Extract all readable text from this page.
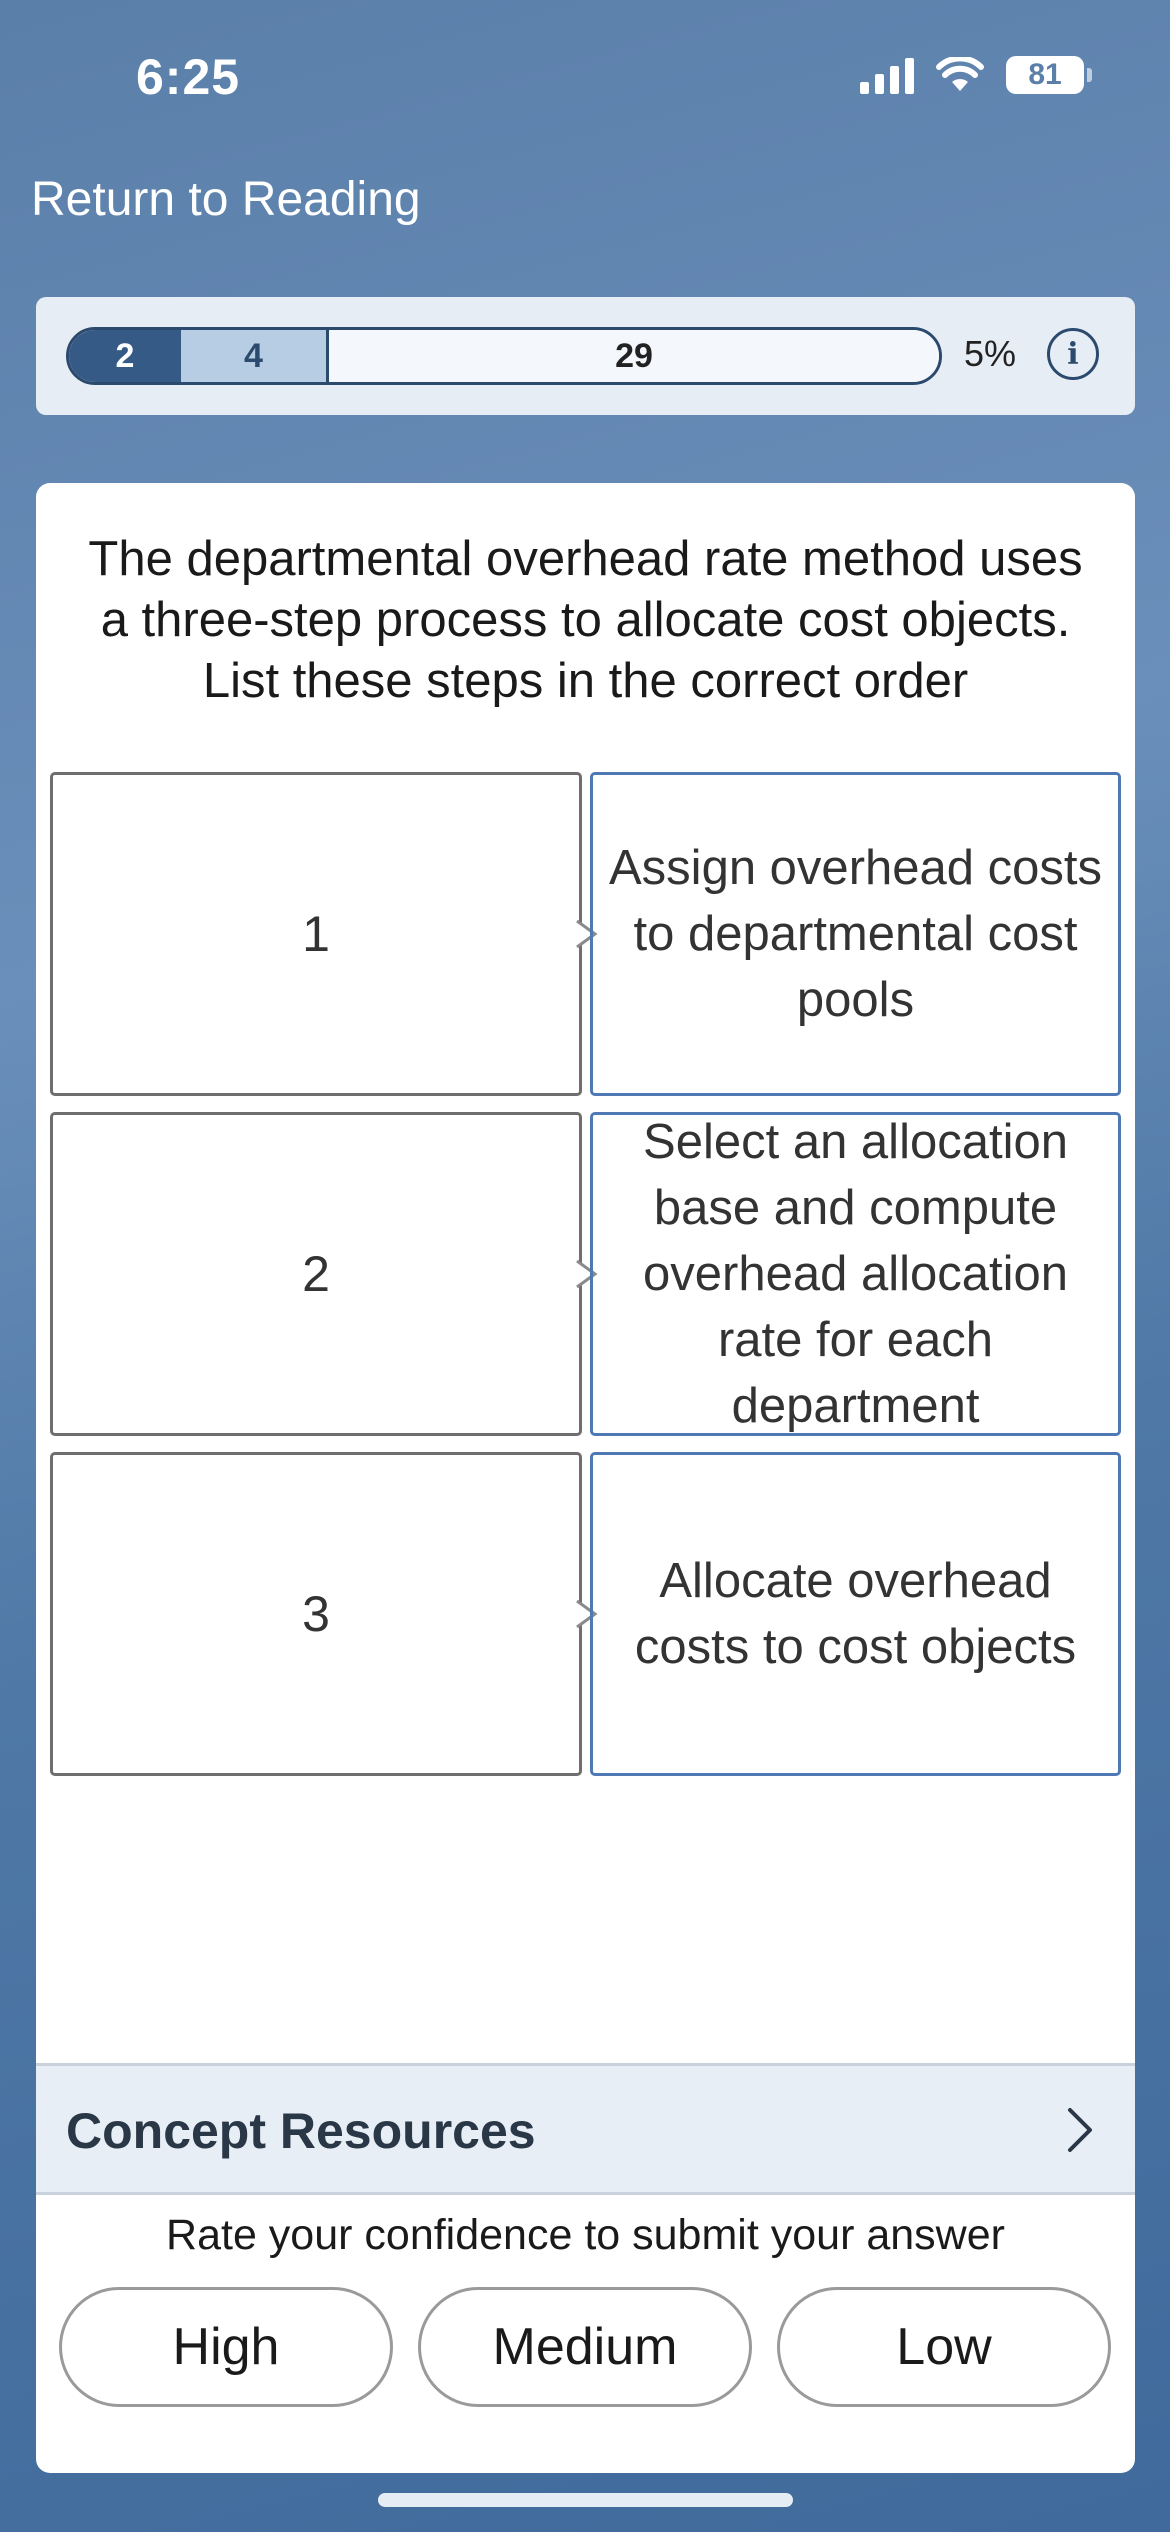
6:25	81
Return to Reading
2	4	29	5%	i
The departmental overhead rate method uses a three-step process to allocate cost objects. List these steps in the correct order
1
Assign overhead costs to departmental cost pools
2
Select an allocation base and compute overhead allocation rate for each department
3
Allocate overhead costs to cost objects
Concept Resources
Rate your confidence to submit your answer
High	Medium	Low
